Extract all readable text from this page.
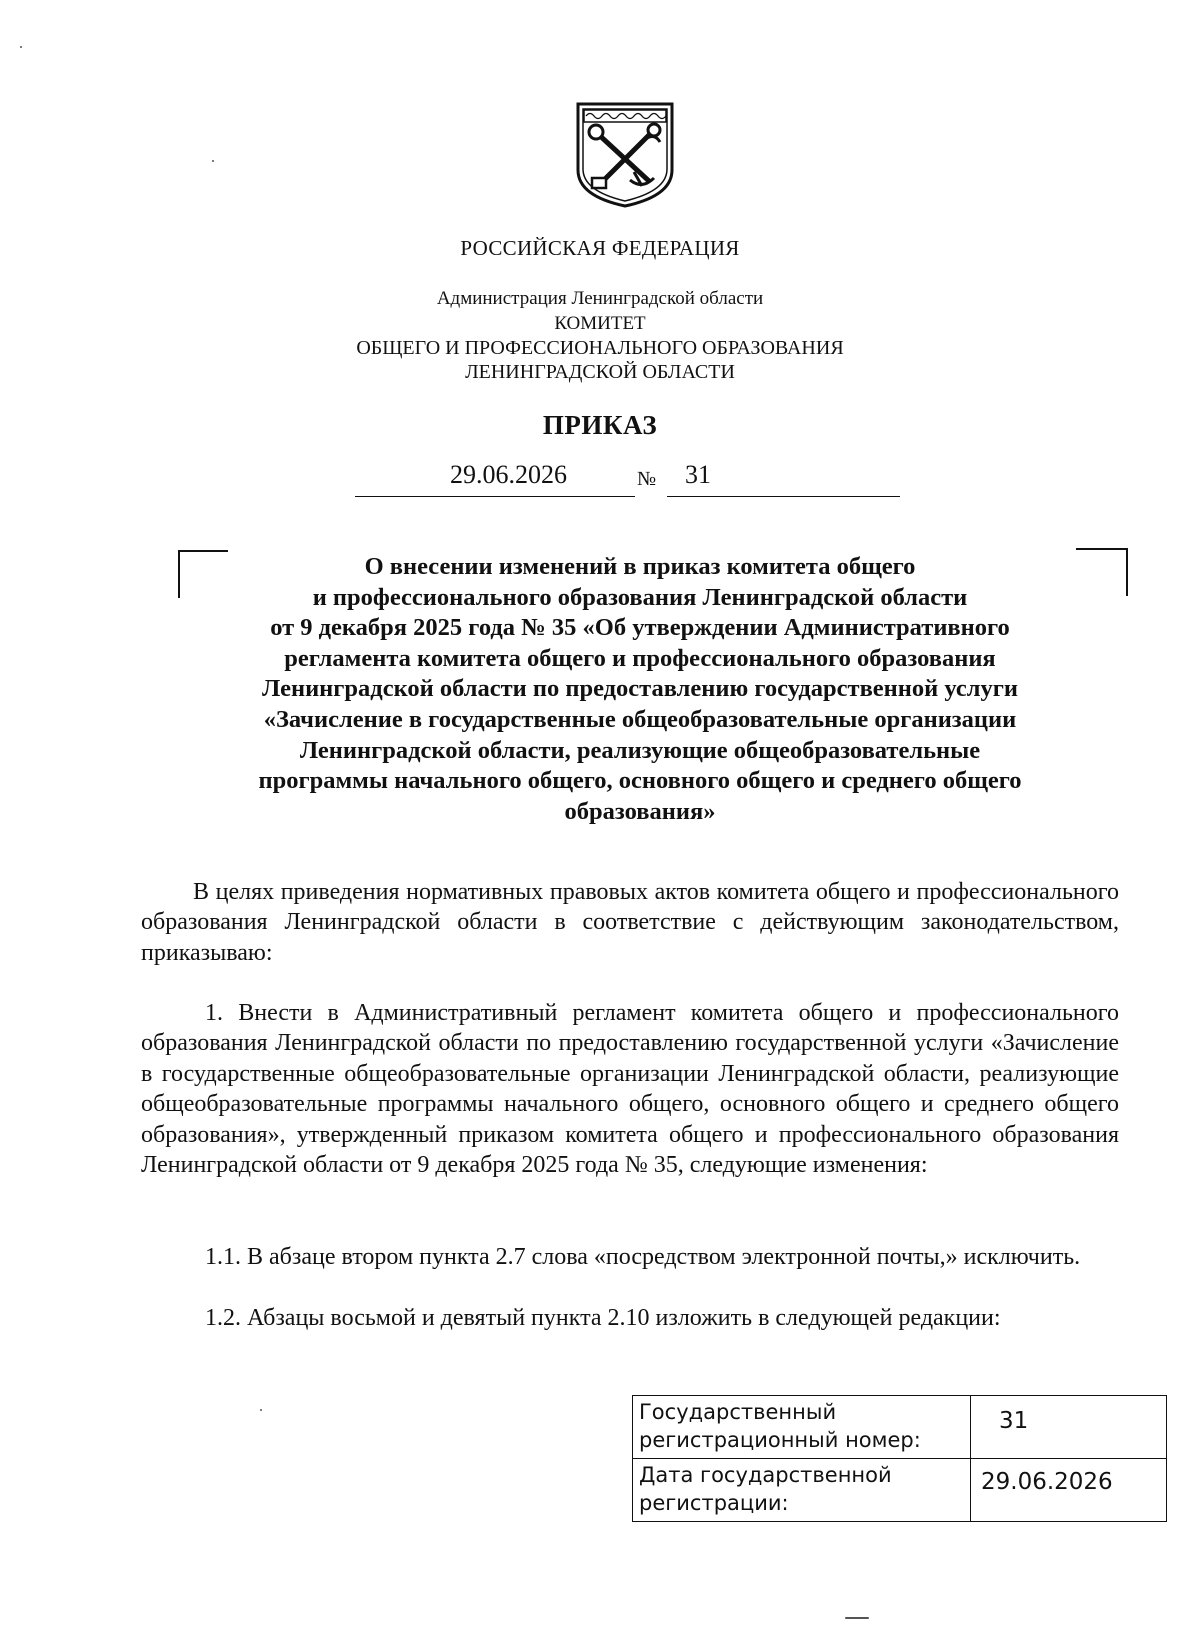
РОССИЙСКАЯ ФЕДЕРАЦИЯ
Администрация Ленинградской области
КОМИТЕТ
ОБЩЕГО И ПРОФЕССИОНАЛЬНОГО ОБРАЗОВАНИЯ
ЛЕНИНГРАДСКОЙ ОБЛАСТИ
ПРИКАЗ
29.06.2026	№ 31
О внесении изменений в приказ комитета общего
и профессионального образования Ленинградской области
от 9 декабря 2025 года № 35 «Об утверждении Административного
регламента комитета общего и профессионального образования
Ленинградской области по предоставлению государственной услуги
«Зачисление в государственные общеобразовательные организации
Ленинградской области, реализующие общеобразовательные
программы начального общего, основного общего и среднего общего
образования»
В целях приведения нормативных правовых актов комитета общего и профессионального образования Ленинградской области в соответствие с действующим законодательством, приказываю:
1. Внести в Административный регламент комитета общего и профессионального образования Ленинградской области по предоставлению государственной услуги «Зачисление в государственные общеобразовательные организации Ленинградской области, реализующие общеобразовательные программы начального общего, основного общего и среднего общего образования», утвержденный приказом комитета общего и профессионального образования Ленинградской области от 9 декабря 2025 года № 35, следующие изменения:
1.1. В абзаце втором пункта 2.7 слова «посредством электронной почты,» исключить.
1.2. Абзацы восьмой и девятый пункта 2.10 изложить в следующей редакции:
Государственный регистрационный номер:	31
Дата государственной регистрации:	29.06.2026
